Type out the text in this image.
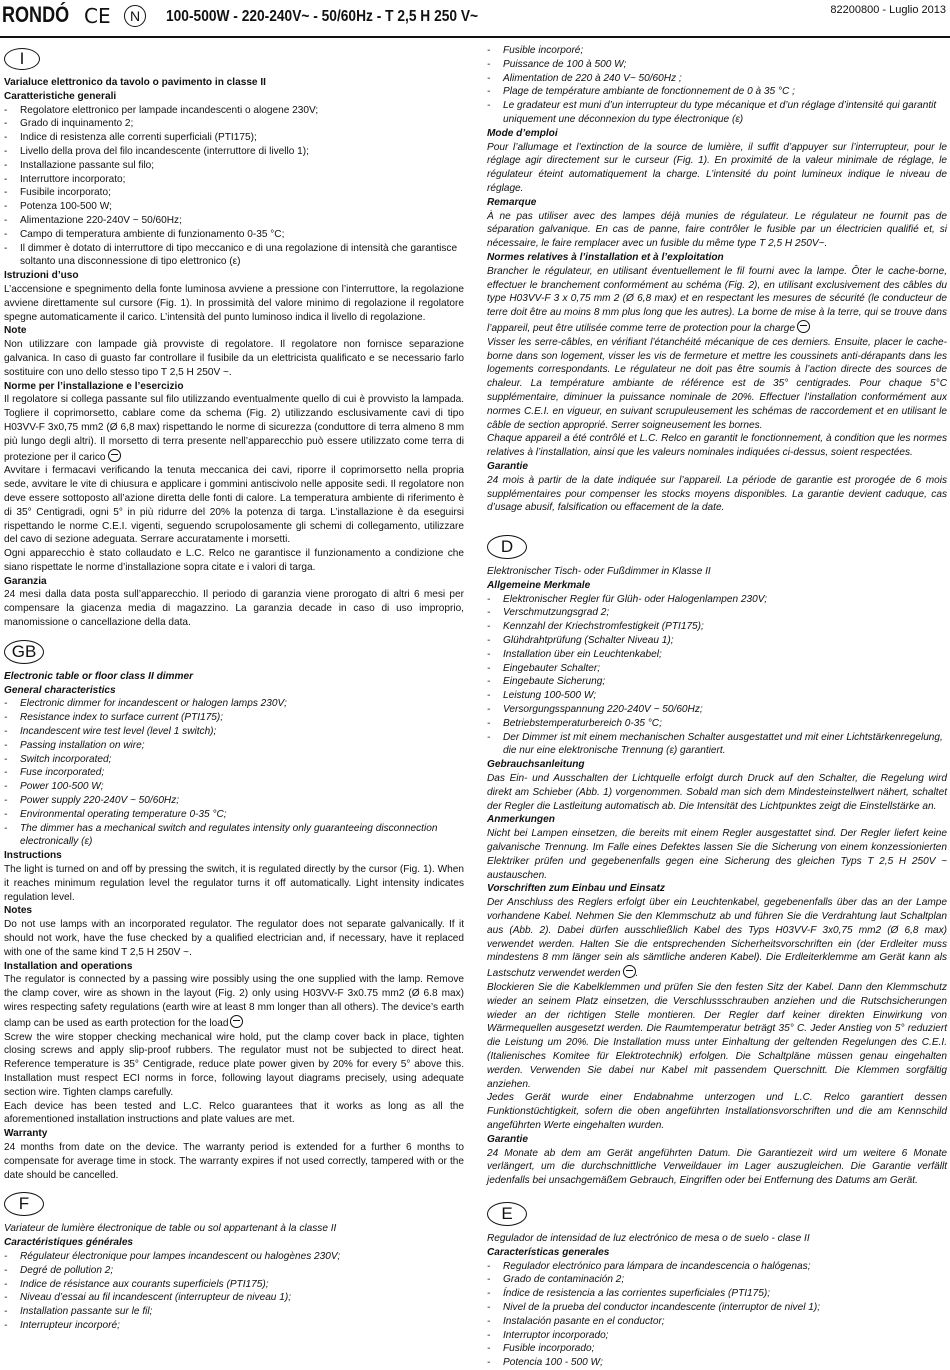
RONDÓ CE	N	100-500W - 220-240V~ - 50/60Hz - T 2,5 H 250 V~	82200800 - Luglio 2013
I
Varialuce elettronico da tavolo o pavimento in classe II
Caratteristiche generali
- Regolatore elettronico per lampade incandescenti o alogene 230V;
- Grado di inquinamento 2;
- Indice di resistenza alle correnti superficiali (PTI175);
- Livello della prova del filo incandescente (interruttore di livello 1);
- Installazione passante sul filo;
- Interruttore incorporato;
- Fusibile incorporato;
- Potenza 100-500 W;
- Alimentazione 220-240V ~ 50/60Hz;
- Campo di temperatura ambiente di funzionamento 0-35 °C;
- Il dimmer è dotato di interruttore di tipo meccanico e di una regolazione di intensità che garantisce soltanto una disconnessione di tipo elettronico (ε)
Istruzioni d’uso

L’accensione e spegnimento della fonte luminosa avviene a pressione con l’interruttore, la regolazione avviene direttamente sul cursore (Fig. 1). In prossimità del valore minimo di regolazione il regolatore spegne automaticamente il carico. L’intensità del punto luminoso indica il livello di regolazione.

Note

Non utilizzare con lampade già provviste di regolatore. Il regolatore non fornisce separazione galvanica. In caso di guasto far controllare il fusibile da un elettricista qualificato e se necessario farlo sostituire con uno dello stesso tipo T 2,5 H 250V ~.

Norme per l’installazione e l’esercizio

Il regolatore si collega passante sul filo utilizzando eventualmente quello di cui è provvisto la lampada. Togliere il coprimorsetto, cablare come da schema (Fig. 2) utilizzando esclusivamente cavi di tipo H03VV-F 3x0,75 mm2 (Ø 6,8 max) rispettando le norme di sicurezza (conduttore di terra almeno 8 mm più lungo degli altri). Il morsetto di terra presente nell’apparecchio può essere utilizzato come terra di protezione per il carico

Avvitare i fermacavi verificando la tenuta meccanica dei cavi, riporre il coprimorsetto nella propria sede, avvitare le vite di chiusura e applicare i gommini antiscivolo nelle apposite sedi. Il regolatore non deve essere sottoposto all’azione diretta delle fonti di calore. La temperatura ambiente di riferimento è di 35° Centigradi, ogni 5° in più ridurre del 20% la potenza di targa. L’installazione è da eseguirsi rispettando le norme C.E.I. vigenti, seguendo scrupolosamente gli schemi di collegamento, utilizzare del cavo di sezione adeguata. Serrare accuratamente i morsetti.

Ogni apparecchio è stato collaudato e L.C. Relco ne garantisce il funzionamento a condizione che siano rispettate le norme d’installazione sopra citate e i valori di targa.

Garanzia

24 mesi dalla data posta sull’apparecchio. Il periodo di garanzia viene prorogato di altri 6 mesi per compensare la giacenza media di magazzino. La garanzia decade in caso di uso improprio, manomissione o cancellazione della data.

GB
Electronic table or floor class II dimmer
General characteristics
- Electronic dimmer for incandescent or halogen lamps 230V;
- Resistance index to surface current (PTI175);
- Incandescent wire test level (level 1 switch);
- Passing installation on wire;
- Switch incorporated;
- Fuse incorporated;
- Power 100-500 W;
- Power supply 220-240V ~ 50/60Hz;
- Environmental operating temperature 0-35 °C;
- The dimmer has a mechanical switch and regulates intensity only guaranteeing disconnection electronically (ε)
Instructions

The light is turned on and off by pressing the switch, it is regulated directly by the cursor (Fig. 1). When it reaches minimum regulation level the regulator turns it off automatically. Light intensity indicates regulation level.

Notes

Do not use lamps with an incorporated regulator. The regulator does not separate galvanically. If it should not work, have the fuse checked by a qualified electrician and, if necessary, have it replaced with one of the same kind T 2,5 H 250V ~.

Installation and operations

The regulator is connected by a passing wire possibly using the one supplied with the lamp. Remove the clamp cover, wire as shown in the layout (Fig. 2) only using H03VV-F 3x0.75 mm2 (Ø 6.8 max) wires respecting safety regulations (earth wire at least 8 mm longer than all others). The device’s earth clamp can be used as earth protection for the load

Screw the wire stopper checking mechanical wire hold, put the clamp cover back in place, tighten closing screws and apply slip-proof rubbers. The regulator must not be subjected to direct heat. Reference temperature is 35° Centigrade, reduce plate power given by 20% for every 5° above this. Installation must respect ECI norms in force, following layout diagrams precisely, using adequate section wire. Tighten clamps carefully.

Each device has been tested and L.C. Relco guarantees that it works as long as all the aforementioned installation instructions and plate values are met.

Warranty

24 months from date on the device. The warranty period is extended for a further 6 months to compensate for average time in stock. The warranty expires if not used correctly, tampered with or the date should be cancelled.

F

Variateur de lumière électronique de table ou sol appartenant à la classe II

Caractéristiques générales
- Régulateur électronique pour lampes incandescent ou halogènes 230V;
- Degré de pollution 2;
- Indice de résistance aux courants superficiels (PTI175);
- Niveau d’essai au fil incandescent (interrupteur de niveau 1);
- Installation passante sur le fil;
- Interrupteur incorporé;
- Fusible incorporé;
- Puissance de 100 à 500 W;
- Alimentation de 220 à 240 V~ 50/60Hz ;
- Plage de température ambiante de fonctionnement de 0 à 35 °C ;
- Le gradateur est muni d’un interrupteur du type mécanique et d’un réglage d’intensité qui garantit uniquement une déconnexion du type électronique (ε)
Mode d’emploi

Pour l’allumage et l’extinction de la source de lumière, il suffit d’appuyer sur l’interrupteur, pour le réglage agir directement sur le curseur (Fig. 1). En proximité de la valeur minimale de réglage, le régulateur éteint automatiquement la charge. L’intensité du point lumineux indique le niveau de réglage.

Remarque

À ne pas utiliser avec des lampes déjà munies de régulateur. Le régulateur ne fournit pas de séparation galvanique. En cas de panne, faire contrôler le fusible par un électricien qualifié et, si nécessaire, le faire remplacer avec un fusible du même type T 2,5 H 250V~.

Normes relatives à l’installation et à l’exploitation

Brancher le régulateur, en utilisant éventuellement le fil fourni avec la lampe. Ôter le cache-borne, effectuer le branchement conformément au schéma (Fig. 2), en utilisant exclusivement des câbles du type H03VV-F 3 x 0,75 mm 2 (Ø 6,8 max) et en respectant les mesures de sécurité (le conducteur de terre doit être au moins 8 mm plus long que les autres). La borne de mise à la terre, qui se trouve dans l’appareil, peut être utilisée comme terre de protection pour la charge

Visser les serre-câbles, en vérifiant l’étanchéité mécanique de ces derniers. Ensuite, placer le cache-borne dans son logement, visser les vis de fermeture et mettre les coussinets anti-dérapants dans les logements correspondants. Le régulateur ne doit pas être soumis à l’action directe des sources de chaleur. La température ambiante de référence est de 35° centigrades. Pour chaque 5°C supplémentaire, diminuer la puissance nominale de 20%. Effectuer l’installation conformément aux normes C.E.I. en vigueur, en suivant scrupuleusement les schémas de raccordement et en utilisant le câble de section approprié. Serrer soigneusement les bornes.

Chaque appareil a été contrôlé et L.C. Relco en garantit le fonctionnement, à condition que les normes relatives à l’installation, ainsi que les valeurs nominales indiquées ci-dessus, soient respectées.

Garantie

24 mois à partir de la date indiquée sur l’appareil. La période de garantie est prorogée de 6 mois supplémentaires pour compenser les stocks moyens disponibles. La garantie devient caduque, cas d’usage abusif, falsification ou effacement de la date.

D

Elektronischer Tisch- oder Fußdimmer in Klasse II

Allgemeine Merkmale
- Elektronischer Regler für Glüh- oder Halogenlampen 230V;
- Verschmutzungsgrad 2;
- Kennzahl der Kriechstromfestigkeit (PTI175);
- Glühdrahtprüfung (Schalter Niveau 1);
- Installation über ein Leuchtenkabel;
- Eingebauter Schalter;
- Eingebaute Sicherung;
- Leistung 100-500 W;
- Versorgungsspannung 220-240V ~ 50/60Hz;
- Betriebstemperaturbereich 0-35 °C;
- Der Dimmer ist mit einem mechanischen Schalter ausgestattet und mit einer Lichtstärkenregelung, die nur eine elektronische Trennung (ε) garantiert.
Gebrauchsanleitung

Das Ein- und Ausschalten der Lichtquelle erfolgt durch Druck auf den Schalter, die Regelung wird direkt am Schieber (Abb. 1) vorgenommen. Sobald man sich dem Mindesteinstellwert nähert, schaltet der Regler die Lastleitung automatisch ab. Die Intensität des Lichtpunktes zeigt die Einstellstärke an.

Anmerkungen

Nicht bei Lampen einsetzen, die bereits mit einem Regler ausgestattet sind. Der Regler liefert keine galvanische Trennung. Im Falle eines Defektes lassen Sie die Sicherung von einem konzessionierten Elektriker prüfen und gegebenenfalls gegen eine Sicherung des gleichen Typs T 2,5 H 250V ~ austauschen.

Vorschriften zum Einbau und Einsatz

Der Anschluss des Reglers erfolgt über ein Leuchtenkabel, gegebenenfalls über das an der Lampe vorhandene Kabel. Nehmen Sie den Klemmschutz ab und führen Sie die Verdrahtung laut Schaltplan aus (Abb. 2). Dabei dürfen ausschließlich Kabel des Typs H03VV-F 3x0,75 mm2 (Ø 6,8 max) verwendet werden. Halten Sie die entsprechenden Sicherheitsvorschriften ein (der Erdleiter muss mindestens 8 mm länger sein als sämtliche anderen Kabel). Die Erdleiterklemme am Gerät kann als Lastschutz verwendet werden .

Blockieren Sie die Kabelklemmen und prüfen Sie den festen Sitz der Kabel. Dann den Klemmschutz wieder an seinem Platz einsetzen, die Verschlussschrauben anziehen und die Rutschsicherungen wieder an der richtigen Stelle montieren. Der Regler darf keiner direkten Einwirkung von Wärmequellen ausgesetzt werden. Die Raumtemperatur beträgt 35° C. Jeder Anstieg von 5° reduziert die Leistung um 20%. Die Installation muss unter Einhaltung der geltenden Regelungen des C.E.I. (Italienisches Komitee für Elektrotechnik) erfolgen. Die Schaltpläne müssen genau eingehalten werden. Verwenden Sie dabei nur Kabel mit passendem Querschnitt. Die Klemmen sorgfältig anziehen.

Jedes Gerät wurde einer Endabnahme unterzogen und L.C. Relco garantiert dessen Funktionstüchtigkeit, sofern die oben angeführten Installationsvorschriften und die am Kennschild angeführten Werte eingehalten wurden.

Garantie

24 Monate ab dem am Gerät angeführten Datum. Die Garantiezeit wird um weitere 6 Monate verlängert, um die durchschnittliche Verweildauer im Lager auszugleichen. Die Garantie verfällt jedenfalls bei unsachgemäßem Gebrauch, Eingriffen oder bei Entfernung des Datums am Gerät.

E

Regulador de intensidad de luz electrónico de mesa o de suelo - clase II

Características generales
- Regulador electrónico para lámpara de incandescencia o halógenas;
- Grado de contaminación 2;
- Índice de resistencia a las corrientes superficiales (PTI175);
- Nivel de la prueba del conductor incandescente (interruptor de nivel 1);
- Instalación pasante en el conductor;
- Interruptor incorporado;
- Fusible incorporado;
- Potencia 100 - 500 W;
